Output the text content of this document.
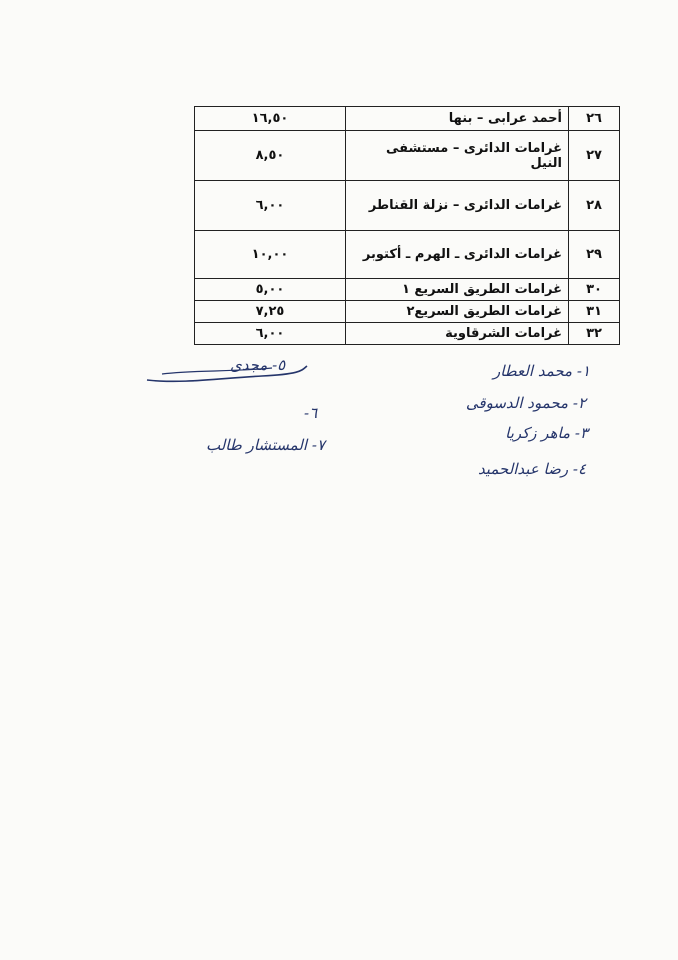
٢٦	أحمد عرابى – بنها	١٦,٥٠
٢٧	غرامات الدائرى – مستشفى النيل	٨,٥٠
٢٨	غرامات الدائرى – نزلة القناطر	٦,٠٠
٢٩	غرامات الدائرى ـ الهرم ـ أكتوبر	١٠,٠٠
٣٠	غرامات الطريق السريع ١	٥,٠٠
٣١	غرامات الطريق السريع٢	٧,٢٥
٣٢	غرامات الشرقاوية	٦,٠٠
١- محمد العطار
٢- محمود الدسوقى
٣- ماهر زكريا
٤- رضا عبدالحميد
٥- مجدى
٦-
٧- المستشار طالب
